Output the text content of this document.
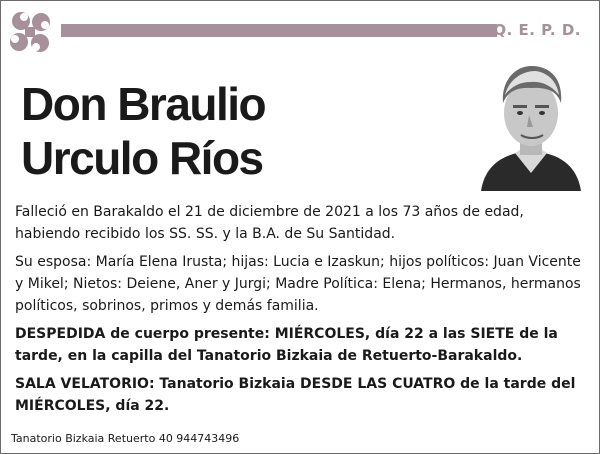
Q. E. P. D.
Don Braulio
Urculo Ríos

Falleció en Barakaldo el 21 de diciembre de 2021 a los 73 años de edad, habiendo recibido los SS. SS. y la B.A. de Su Santidad.

Su esposa: María Elena Irusta; hijas: Lucia e Izaskun; hijos políticos: Juan Vicente y Mikel; Nietos: Deiene, Aner y Jurgi; Madre Política: Elena; Hermanos, hermanos políticos, sobrinos, primos y demás familia.

DESPEDIDA de cuerpo presente: MIÉRCOLES, día 22 a las SIETE de la tarde, en la capilla del Tanatorio Bizkaia de Retuerto-Barakaldo.

SALA VELATORIO: Tanatorio Bizkaia DESDE LAS CUATRO de la tarde del MIÉRCOLES, día 22.

Tanatorio Bizkaia Retuerto 40 944743496
